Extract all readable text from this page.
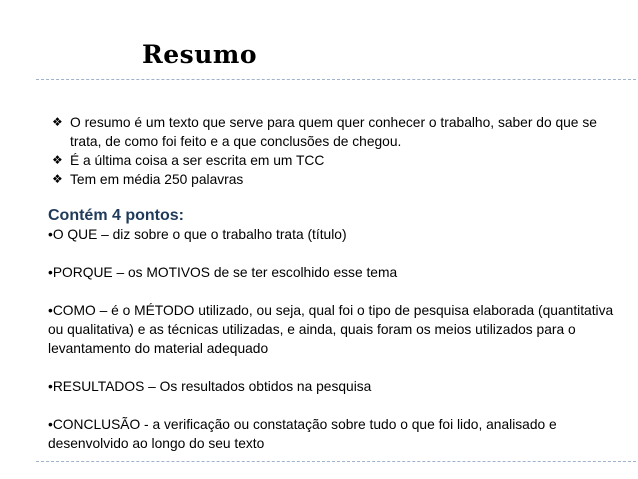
Resumo
❖ O resumo é um texto que serve para quem quer conhecer o trabalho, saber do que se trata, de como foi feito e a que conclusões de chegou.
❖ É a última coisa a ser escrita em um TCC
❖ Tem em média 250 palavras
Contém 4 pontos:

•O QUE – diz sobre o que o trabalho trata (título)

•PORQUE – os MOTIVOS de se ter escolhido esse tema

•COMO – é o MÉTODO utilizado, ou seja, qual foi o tipo de pesquisa elaborada (quantitativa ou qualitativa) e as técnicas utilizadas, e ainda, quais foram os meios utilizados para o levantamento do material adequado

•RESULTADOS – Os resultados obtidos na pesquisa

•CONCLUSÃO - a verificação ou constatação sobre tudo o que foi lido, analisado e desenvolvido ao longo do seu texto
